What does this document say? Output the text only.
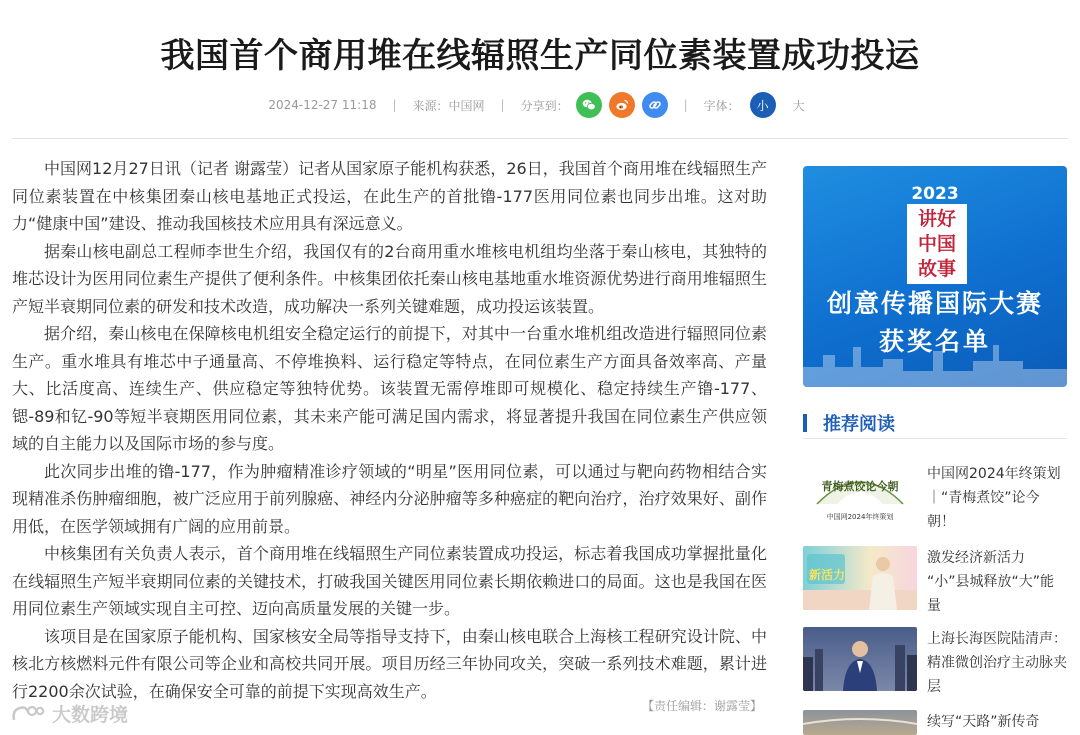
我国首个商用堆在线辐照生产同位素装置成功投运
2024-12-27 11:18 | 来源：中国网 | 分享到：	| 字体：	小	大

中国网12月27日讯（记者 谢露莹）记者从国家原子能机构获悉，26日，我国首个商用堆在线辐照生产同位素装置在中核集团秦山核电基地正式投运，在此生产的首批镥-177医用同位素也同步出堆。这对助力“健康中国”建设、推动我国核技术应用具有深远意义。

据秦山核电副总工程师李世生介绍，我国仅有的2台商用重水堆核电机组均坐落于秦山核电，其独特的堆芯设计为医用同位素生产提供了便利条件。中核集团依托秦山核电基地重水堆资源优势进行商用堆辐照生产短半衰期同位素的研发和技术改造，成功解决一系列关键难题，成功投运该装置。

据介绍，秦山核电在保障核电机组安全稳定运行的前提下，对其中一台重水堆机组改造进行辐照同位素生产。重水堆具有堆芯中子通量高、不停堆换料、运行稳定等特点，在同位素生产方面具备效率高、产量大、比活度高、连续生产、供应稳定等独特优势。该装置无需停堆即可规模化、稳定持续生产镥-177、锶-89和钇-90等短半衰期医用同位素，其未来产能可满足国内需求，将显著提升我国在同位素生产供应领域的自主能力以及国际市场的参与度。

此次同步出堆的镥-177，作为肿瘤精准诊疗领域的“明星”医用同位素，可以通过与靶向药物相结合实现精准杀伤肿瘤细胞，被广泛应用于前列腺癌、神经内分泌肿瘤等多种癌症的靶向治疗，治疗效果好、副作用低，在医学领域拥有广阔的应用前景。

中核集团有关负责人表示，首个商用堆在线辐照生产同位素装置成功投运，标志着我国成功掌握批量化在线辐照生产短半衰期同位素的关键技术，打破我国关键医用同位素长期依赖进口的局面。这也是我国在医用同位素生产领域实现自主可控、迈向高质量发展的关键一步。

该项目是在国家原子能机构、国家核安全局等指导支持下，由秦山核电联合上海核工程研究设计院、中核北方核燃料元件有限公司等企业和高校共同开展。项目历经三年协同攻关，突破一系列技术难题，累计进行2200余次试验，在确保安全可靠的前提下实现高效生产。

【责任编辑：谢露莹】
大数跨境
2023
讲 好
中 国
故 事
创意传播国际大赛
获奖名单
推荐阅读
青梅煮饺论今朝
中国网2024年终策划
中国网2024年终策划｜“青梅煮饺”论今朝！
新活力
激发经济新活力 “小”县城释放“大”能量
上海长海医院陆清声：精准微创治疗主动脉夹层
续写“天路”新传奇
